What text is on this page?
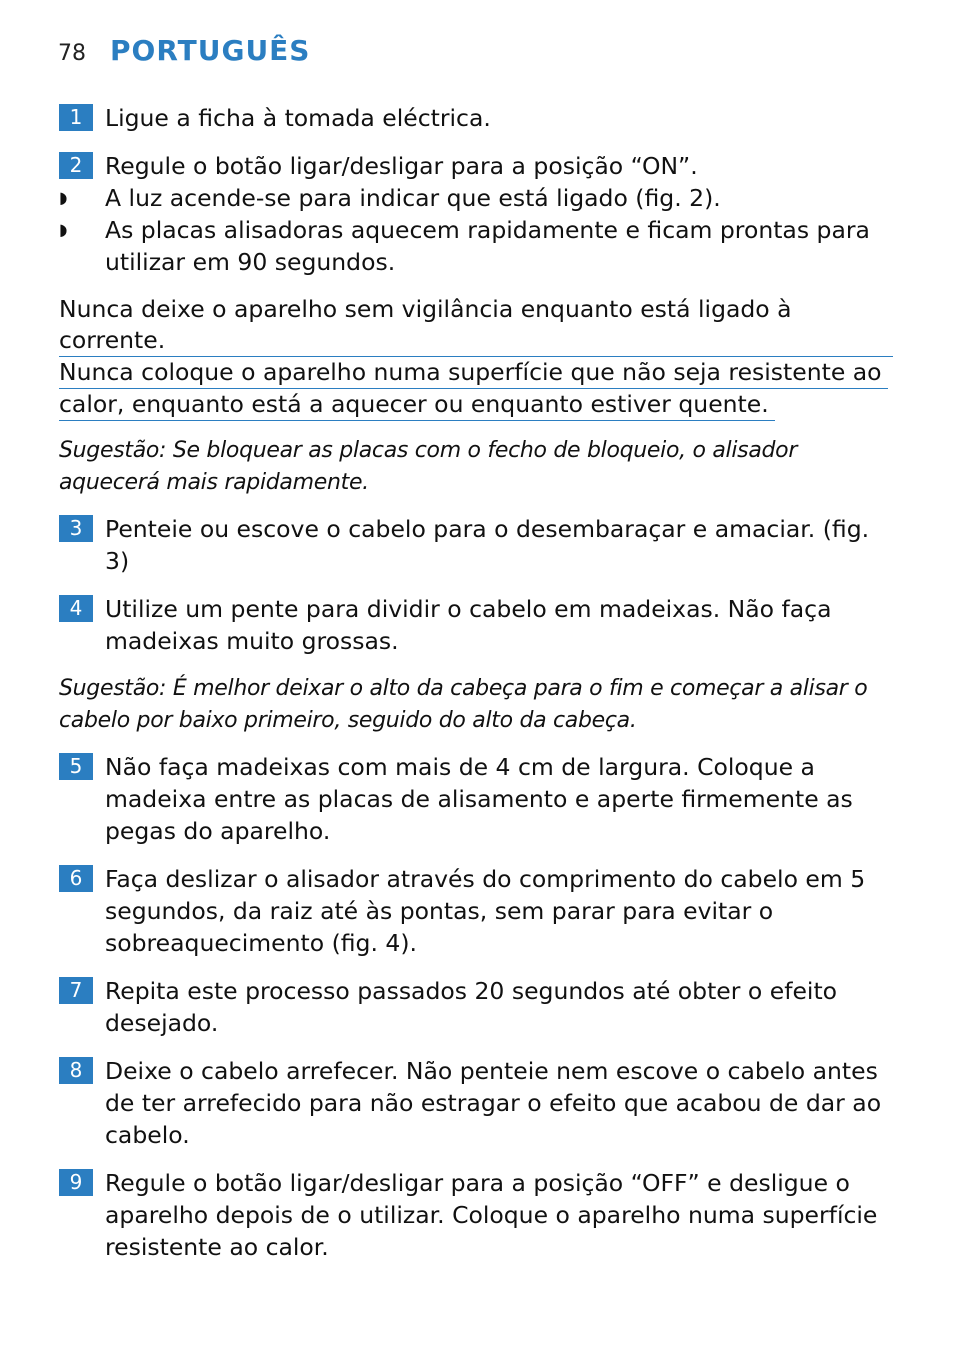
78 PORTUGUÊS
1 Ligue a ficha à tomada eléctrica.
2 Regule o botão ligar/desligar para a posição “ON”.
◗	A luz acende-se para indicar que está ligado (fig. 2).
◗	As placas alisadoras aquecem rapidamente e ficam prontas para utilizar em 90 segundos.
Nunca deixe o aparelho sem vigilância enquanto está ligado à corrente.
Nunca coloque o aparelho numa superfície que não seja resistente ao
calor, enquanto está a aquecer ou enquanto estiver quente.
Sugestão: Se bloquear as placas com o fecho de bloqueio, o alisador aquecerá mais rapidamente.
3 Penteie ou escove o cabelo para o desembaraçar e amaciar. (fig. 3)
4 Utilize um pente para dividir o cabelo em madeixas. Não faça madeixas muito grossas.
Sugestão: É melhor deixar o alto da cabeça para o fim e começar a alisar o cabelo por baixo primeiro, seguido do alto da cabeça.
5 Não faça madeixas com mais de 4 cm de largura. Coloque a madeixa entre as placas de alisamento e aperte firmemente as pegas do aparelho.
6 Faça deslizar o alisador através do comprimento do cabelo em 5 segundos, da raiz até às pontas, sem parar para evitar o sobreaquecimento (fig. 4).
7 Repita este processo passados 20 segundos até obter o efeito desejado.
8 Deixe o cabelo arrefecer. Não penteie nem escove o cabelo antes de ter arrefecido para não estragar o efeito que acabou de dar ao cabelo.
9 Regule o botão ligar/desligar para a posição “OFF” e desligue o aparelho depois de o utilizar. Coloque o aparelho numa superfície resistente ao calor.
